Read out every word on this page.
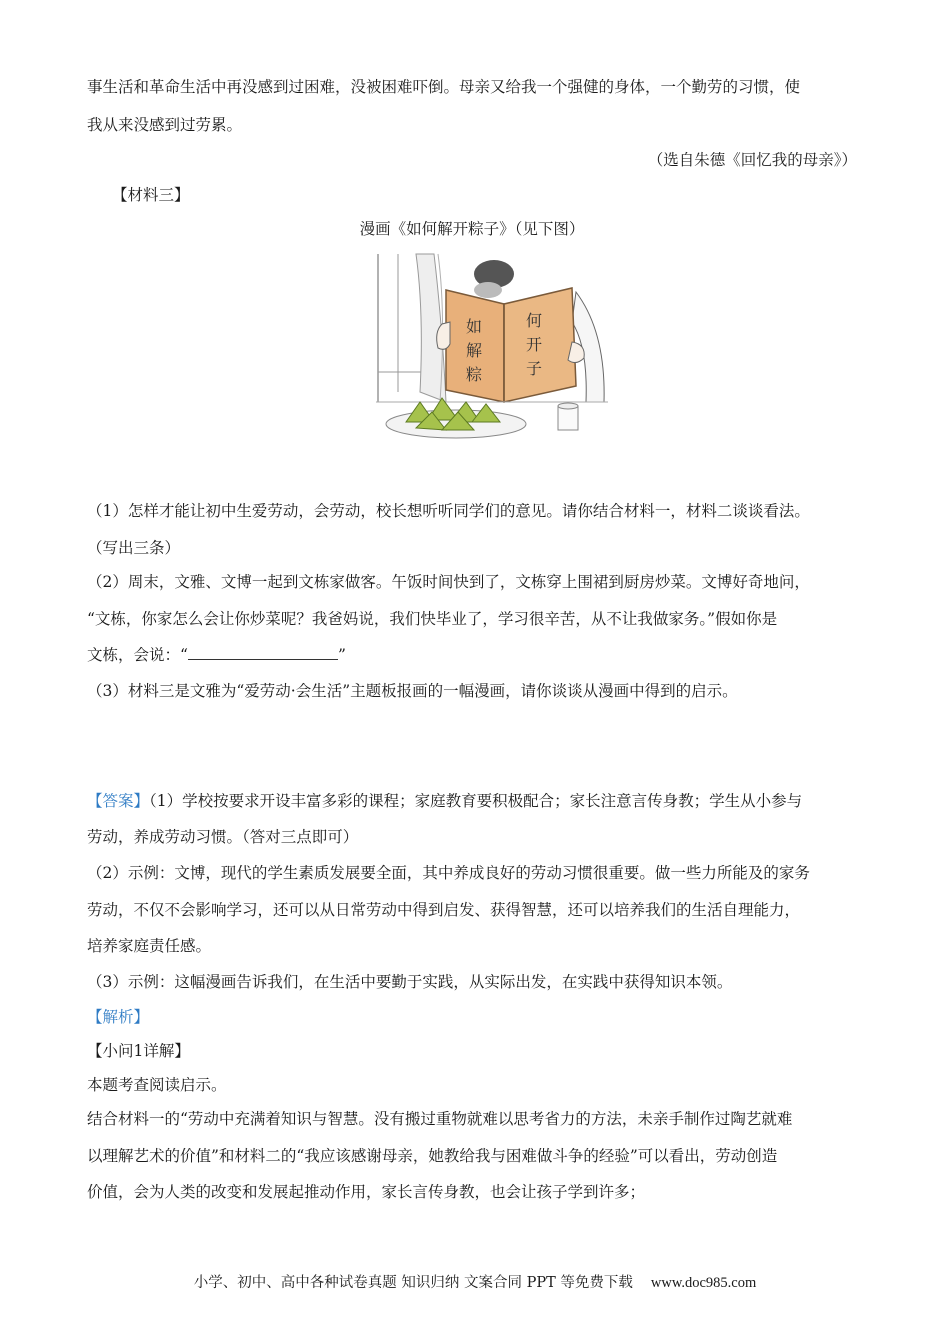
事生活和革命生活中再没感到过困难，没被困难吓倒。母亲又给我一个强健的身体，一个勤劳的习惯，使
我从来没感到过劳累。
（选自朱德《回忆我的母亲》）
【材料三】
漫画《如何解开粽子》（见下图）
如	何
解	开
粽	子
（1）怎样才能让初中生爱劳动，会劳动，校长想听听同学们的意见。请你结合材料一，材料二谈谈看法。
（写出三条）
（2）周末，文雅、文博一起到文栋家做客。午饭时间快到了，文栋穿上围裙到厨房炒菜。文博好奇地问，
“文栋，你家怎么会让你炒菜呢？我爸妈说，我们快毕业了，学习很辛苦，从不让我做家务。”假如你是
文栋，会说：“	”
（3）材料三是文雅为“爱劳动·会生活”主题板报画的一幅漫画，请你谈谈从漫画中得到的启示。
【答案】（1）学校按要求开设丰富多彩的课程；家庭教育要积极配合；家长注意言传身教；学生从小参与
劳动，养成劳动习惯。（答对三点即可）
（2）示例：文博，现代的学生素质发展要全面，其中养成良好的劳动习惯很重要。做一些力所能及的家务
劳动，不仅不会影响学习，还可以从日常劳动中得到启发、获得智慧，还可以培养我们的生活自理能力，
培养家庭责任感。
（3）示例：这幅漫画告诉我们，在生活中要勤于实践，从实际出发，在实践中获得知识本领。
【解析】
【小问1详解】
本题考查阅读启示。
结合材料一的“劳动中充满着知识与智慧。没有搬过重物就难以思考省力的方法，未亲手制作过陶艺就难
以理解艺术的价值”和材料二的“我应该感谢母亲，她教给我与困难做斗争的经验”可以看出，劳动创造
价值，会为人类的改变和发展起推动作用，家长言传身教，也会让孩子学到许多；
小学、初中、高中各种试卷真题 知识归纳 文案合同 PPT 等免费下载 www.doc985.com
